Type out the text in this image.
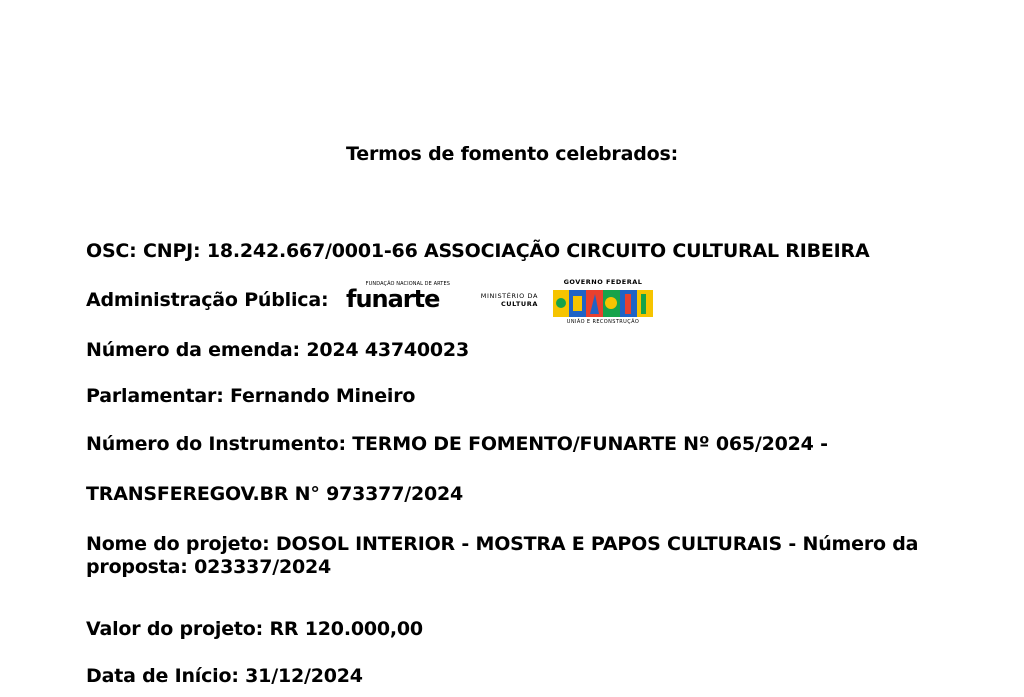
Termos de fomento celebrados:
OSC: CNPJ: 18.242.667/0001-66 ASSOCIAÇÃO CIRCUITO CULTURAL RIBEIRA
Administração Pública:
FUNDAÇÃO NACIONAL DE ARTES
funarte	MINISTÉRIO DA
CULTURA
GOVERNO FEDERAL
UNIÃO E RECONSTRUÇÃO
Número da emenda: 2024 43740023
Parlamentar: Fernando Mineiro
Número do Instrumento: TERMO DE FOMENTO/FUNARTE Nº 065/2024 -
TRANSFEREGOV.BR N° 973377/2024
Nome do projeto: DOSOL INTERIOR - MOSTRA E PAPOS CULTURAIS - Número da proposta: 023337/2024
Valor do projeto: RR 120.000,00
Data de Início: 31/12/2024
